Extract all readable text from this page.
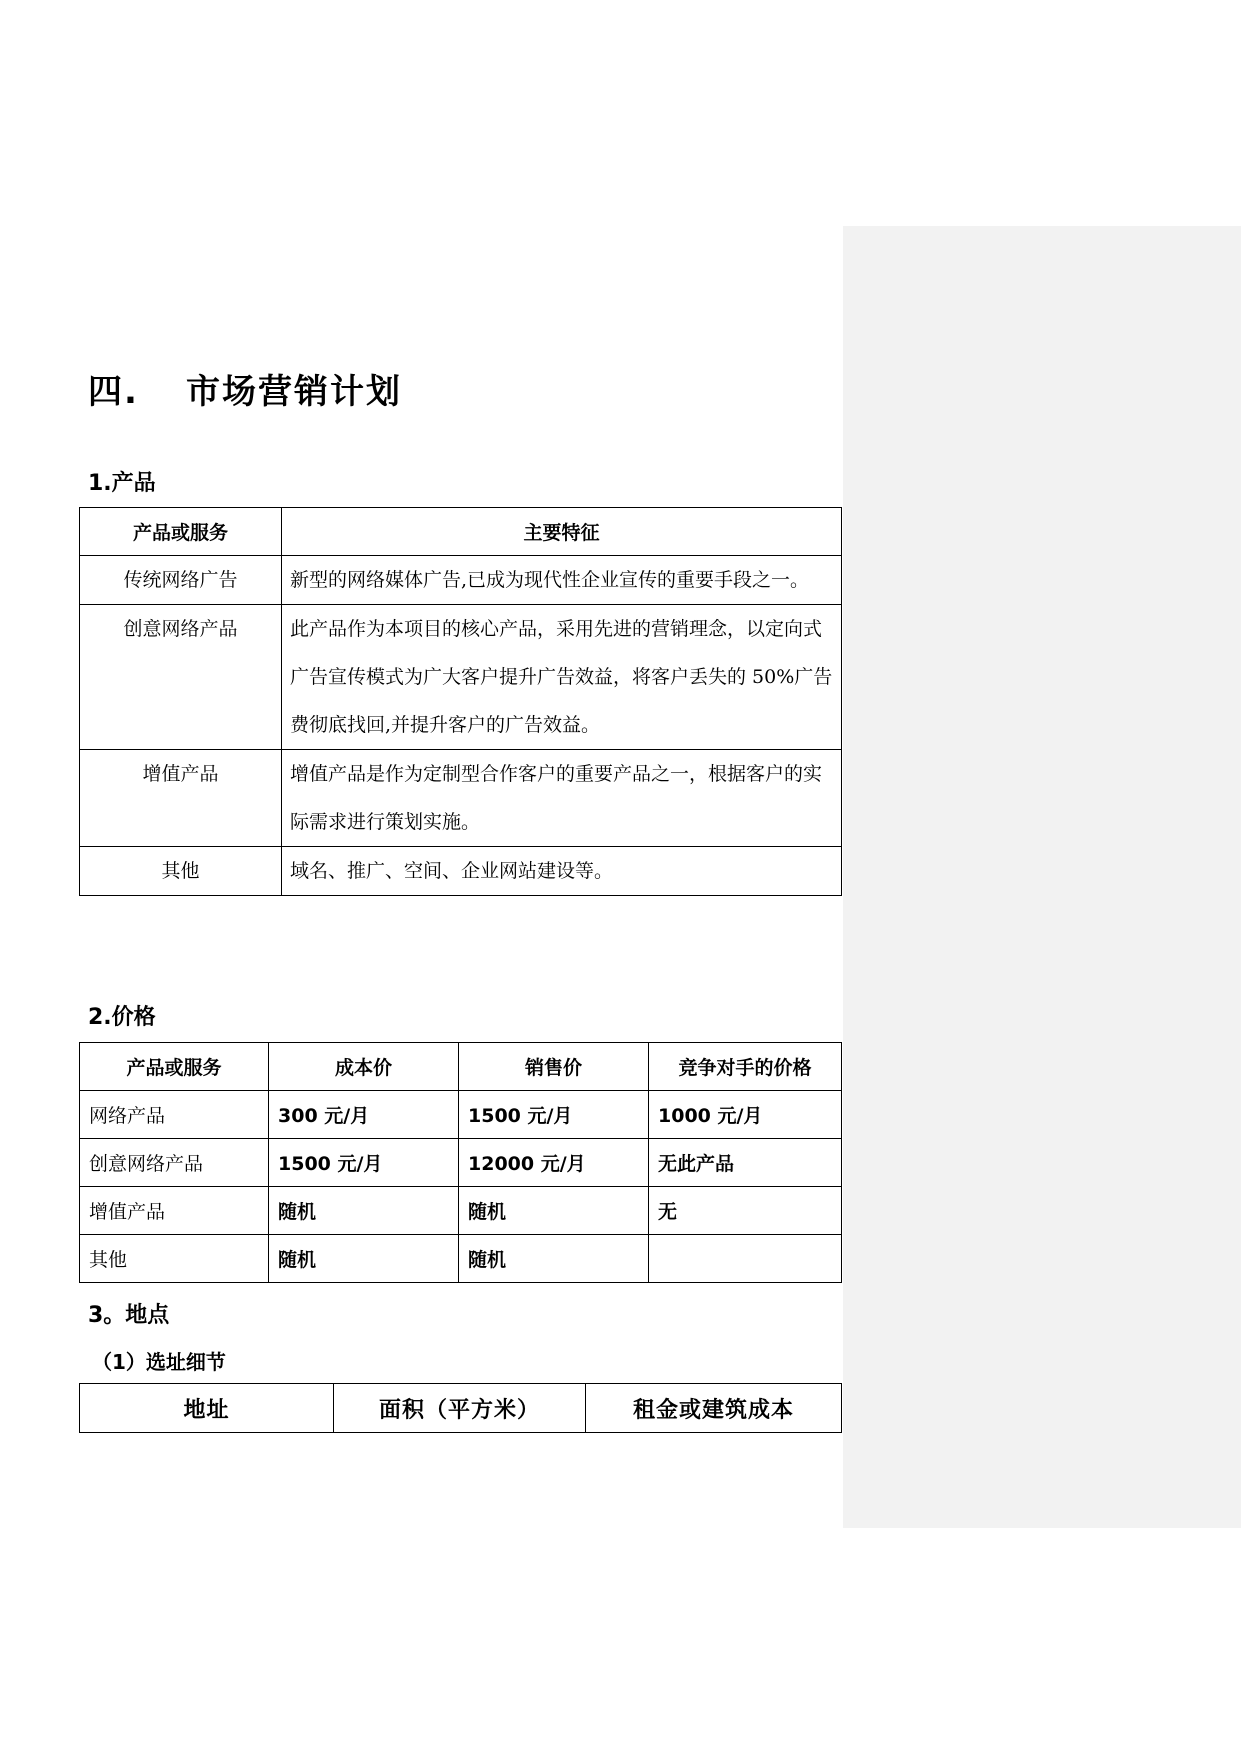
四. 市场营销计划
1.产品
产品或服务	主要特征
传统网络广告	新型的网络媒体广告,已成为现代性企业宣传的重要手段之一。
创意网络产品	此产品作为本项目的核心产品，采用先进的营销理念，以定向式广告宣传模式为广大客户提升广告效益，将客户丢失的 50%广告费彻底找回,并提升客户的广告效益。
增值产品	增值产品是作为定制型合作客户的重要产品之一，根据客户的实际需求进行策划实施。
其他	域名、推广、空间、企业网站建设等。
2.价格
产品或服务	成本价	销售价	竞争对手的价格
网络产品	300 元/月	1500 元/月	1000 元/月
创意网络产品	1500 元/月	12000 元/月	无此产品
增值产品	随机	随机	无
其他	随机	随机	
3。地点
（1）选址细节
地址	面积（平方米）	租金或建筑成本
